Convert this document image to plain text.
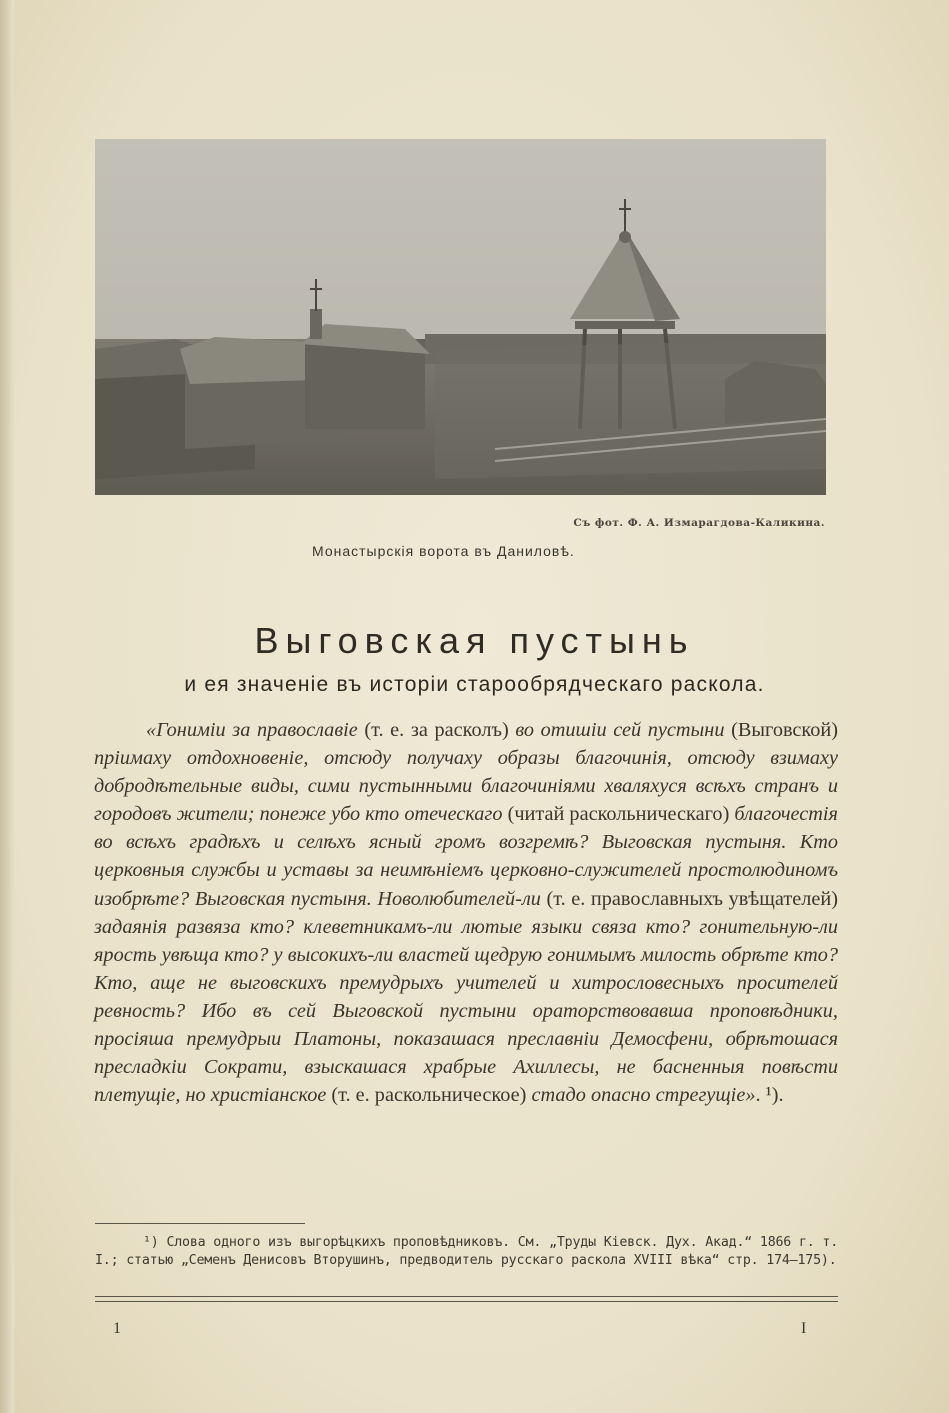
Съ фот. Ф. А. Измарагдова-Каликина.
Монастырскія ворота въ Даниловѣ.
Выговская пустынь
и ея значеніе въ исторіи старообрядческаго раскола.
«Гонимiи за православiе (т. е. за расколъ) во отишiи сей пустыни (Выговской) прiимаху отдохновенiе, отсюду получаху образы благочинiя, отсюду взимаху добродѣтельные виды, сими пустынными благочинiями хваляхуся всѣхъ странъ и городовъ жители; понеже убо кто отеческаго (читай раскольническаго) благочестiя во всѣхъ градѣхъ и селѣхъ ясный громъ возгремѣ? Выговская пустыня. Кто церковныя службы и уставы за неимѣнiемъ церковно-служителей простолюдиномъ изобрѣте? Выговская пустыня. Новолюбителей-ли (т. е. православныхъ увѣщателей) задаянiя развяза кто? клеветникамъ-ли лютые языки связа кто? гонительную-ли ярость увѣща кто? у высокихъ-ли властей щедрую гонимымъ милость обрѣте кто? Кто, аще не выговскихъ премудрыхъ учителей и хитрословесныхъ просителей ревность? Ибо въ сей Выговской пустыни ораторствовавша проповѣдники, просiяша премудрыи Платоны, показашася преславнiи Демосфени, обрѣтошася пресладкiи Сократи, взыскашася храбрые Ахиллесы, не басненныя повѣсти плетущiе, но христiанское (т. е. раскольническое) стадо опасно стрегущiе». ¹).
¹) Слова одного изъ выгорѣцкихъ проповѣдниковъ. См. „Труды Кіевск. Дух. Акад.“ 1866 г. т. I.; статью „Семенъ Денисовъ Вторушинъ, предводитель русскаго раскола XVIII вѣка“ стр. 174—175).
1	I
